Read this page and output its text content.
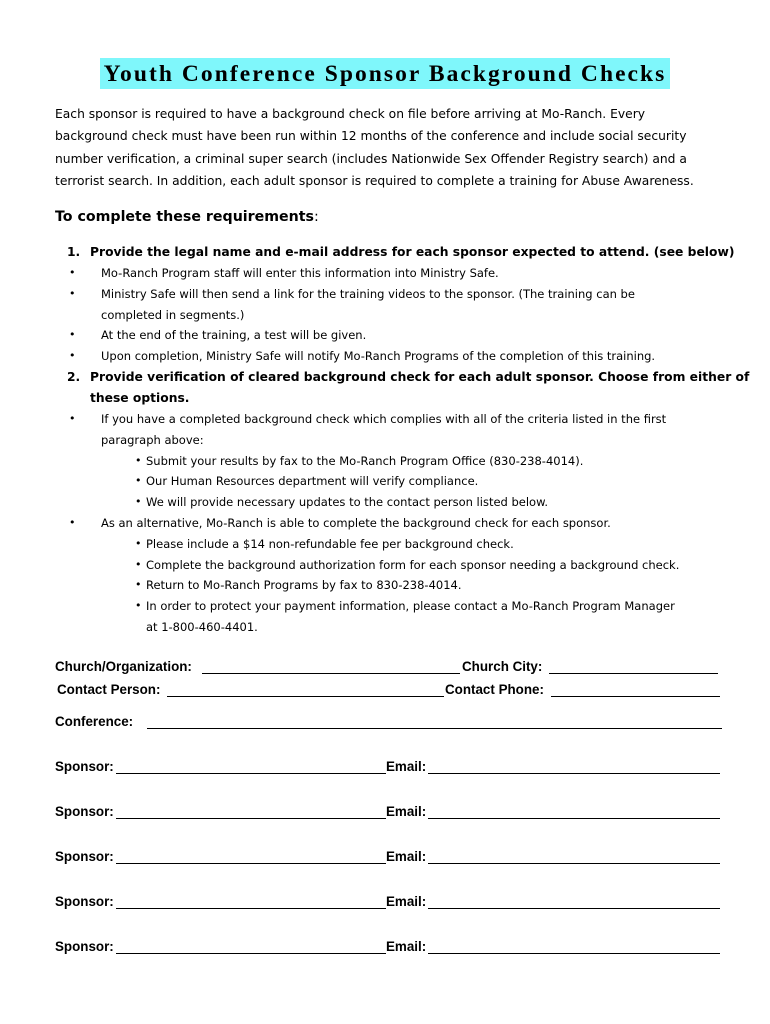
Youth Conference Sponsor Background Checks

Each sponsor is required to have a background check on file before arriving at Mo-Ranch. Every

background check must have been run within 12 months of the conference and include social security

number verification, a criminal super search (includes Nationwide Sex Offender Registry search) and a

terrorist search. In addition, each adult sponsor is required to complete a training for Abuse Awareness.

To complete these requirements:
1. Provide the legal name and e-mail address for each sponsor expected to attend. (see below)

• Mo-Ranch Program staff will enter this information into Ministry Safe.

• Ministry Safe will then send a link for the training videos to the sponsor. (The training can be

completed in segments.)

• At the end of the training, a test will be given.

• Upon completion, Ministry Safe will notify Mo-Ranch Programs of the completion of this training.

2. Provide verification of cleared background check for each adult sponsor. Choose from either of

these options.

• If you have a completed background check which complies with all of the criteria listed in the first

paragraph above:

• Submit your results by fax to the Mo-Ranch Program Office (830-238-4014).

• Our Human Resources department will verify compliance.

• We will provide necessary updates to the contact person listed below.

• As an alternative, Mo-Ranch is able to complete the background check for each sponsor.

• Please include a $14 non-refundable fee per background check.

• Complete the background authorization form for each sponsor needing a background check.

• Return to Mo-Ranch Programs by fax to 830-238-4014.

• In order to protect your payment information, please contact a Mo-Ranch Program Manager

at 1-800-460-4401.

Church/Organization:	Church City:
Contact Person:	Contact Phone:
Conference:
Sponsor:	Email:
Sponsor:	Email:
Sponsor:	Email:
Sponsor:	Email:
Sponsor:	Email:
